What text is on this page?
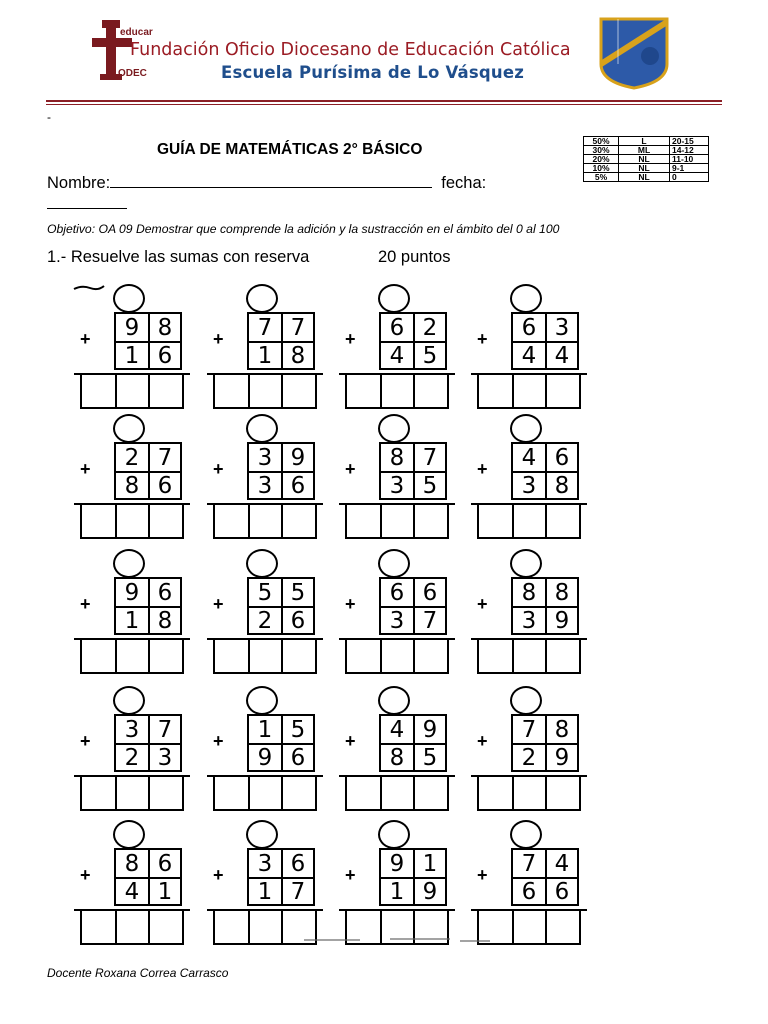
educar
ODEC
Fundación Oficio Diocesano de Educación Católica
Escuela Purísima de Lo Vásquez
-
50%	L	20-15
30%	ML	14-12
20%	NL	11-10
10%	NL	9-1
5%	NL	0
GUÍA DE MATEMÁTICAS 2° BÁSICO
Nombre:	fecha:
Objetivo: OA 09 Demostrar que comprende la adición y la sustracción en el ámbito del 0 al 100
1.- Resuelve las sumas con reserva	20 puntos
+	9 8
1 6
+	7 7
1 8
+	6 2
4 5
+	6 3
4 4
+	2 7
8 6
+	3 9
3 6
+	8 7
3 5
+	4 6
3 8
+	9 6
1 8
+	5 5
2 6
+	6 6
3 7
+	8 8
3 9
+	3 7
2 3
+	1 5
9 6
+	4 9
8 5
+	7 8
2 9
+	8 6
4 1
+	3 6
1 7
+	9 1
1 9
+	7 4
6 6
Docente Roxana Correa Carrasco
